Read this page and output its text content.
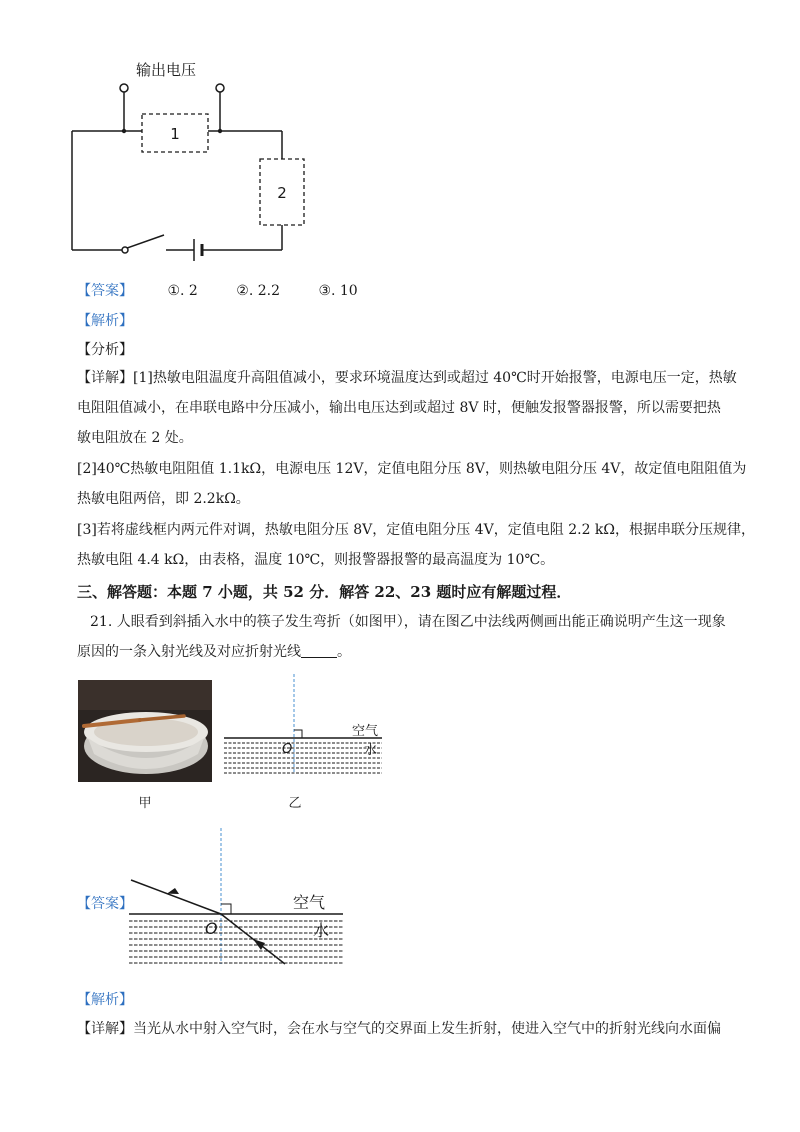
输出电压
1
2
【答案】 ①. 2	②. 2.2	③. 10
【解析】
【分析】
【详解】[1]热敏电阻温度升高阻值减小，要求环境温度达到或超过 40℃时开始报警，电源电压一定，热敏
电阻阻值减小，在串联电路中分压减小，输出电压达到或超过 8V 时，便触发报警器报警，所以需要把热
敏电阻放在 2 处。
[2]40℃热敏电阻阻值 1.1kΩ，电源电压 12V，定值电阻分压 8V，则热敏电阻分压 4V，故定值电阻阻值为
热敏电阻两倍，即 2.2kΩ。
[3]若将虚线框内两元件对调，热敏电阻分压 8V，定值电阻分压 4V，定值电阻 2.2 kΩ，根据串联分压规律，
热敏电阻 4.4 kΩ，由表格，温度 10℃，则报警器报警的最高温度为 10℃。
三、解答题：本题 7 小题，共 52 分．解答 22、23 题时应有解题过程．
21. 人眼看到斜插入水中的筷子发生弯折（如图甲），请在图乙中法线两侧画出能正确说明产生这一现象
原因的一条入射光线及对应折射光线	。
甲
空气
水
O
乙
【答案】	空气
水
O
【解析】
【详解】当光从水中射入空气时，会在水与空气的交界面上发生折射，使进入空气中的折射光线向水面偏
